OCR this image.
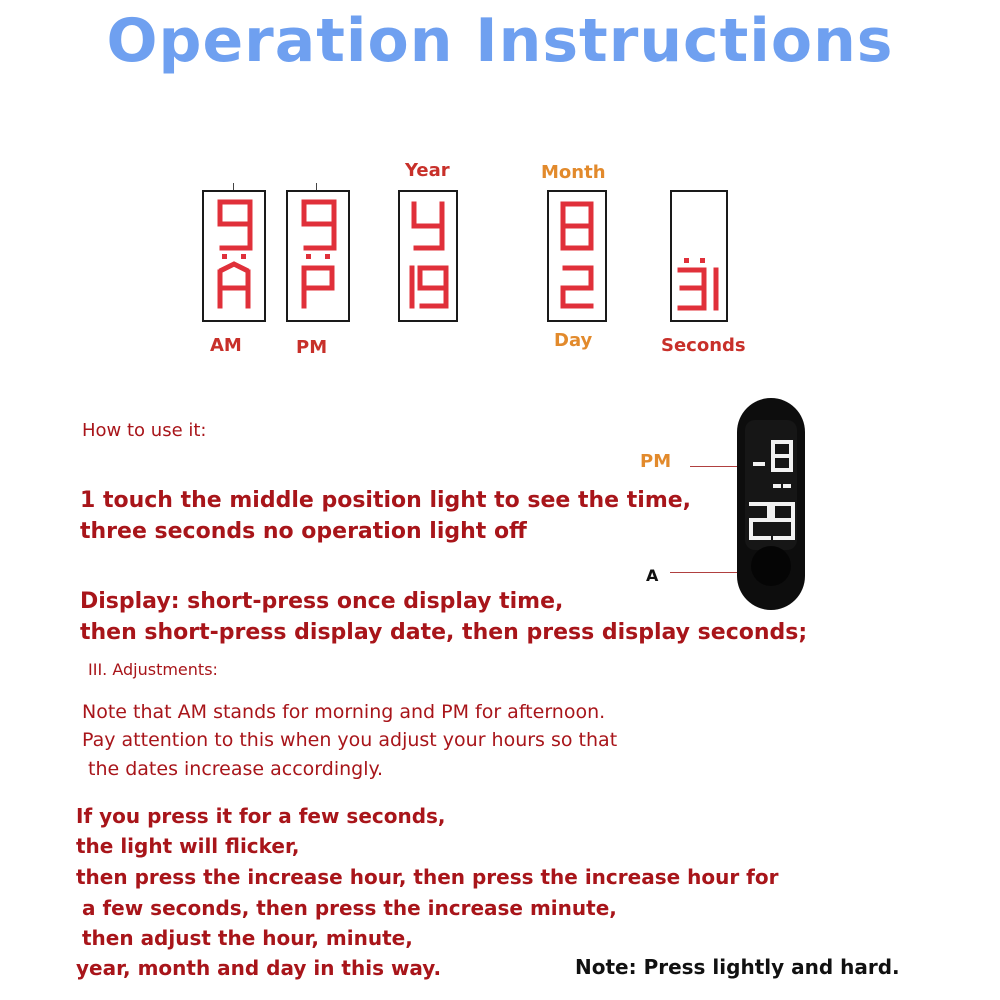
Operation Instructions
AM	PM
Year	Month
Day	Seconds
How to use it:
1 touch the middle position light to see the time,
three seconds no operation light off
Display: short-press once display time,
then short-press display date, then press display seconds;
III. Adjustments:
Note that AM stands for morning and PM for afternoon.
Pay attention to this when you adjust your hours so that
the dates increase accordingly.
If you press it for a few seconds,
the light will flicker,
then press the increase hour, then press the increase hour for
a few seconds, then press the increase minute,
then adjust the hour, minute,
year, month and day in this way.	Note: Press lightly and hard.
PM
A
